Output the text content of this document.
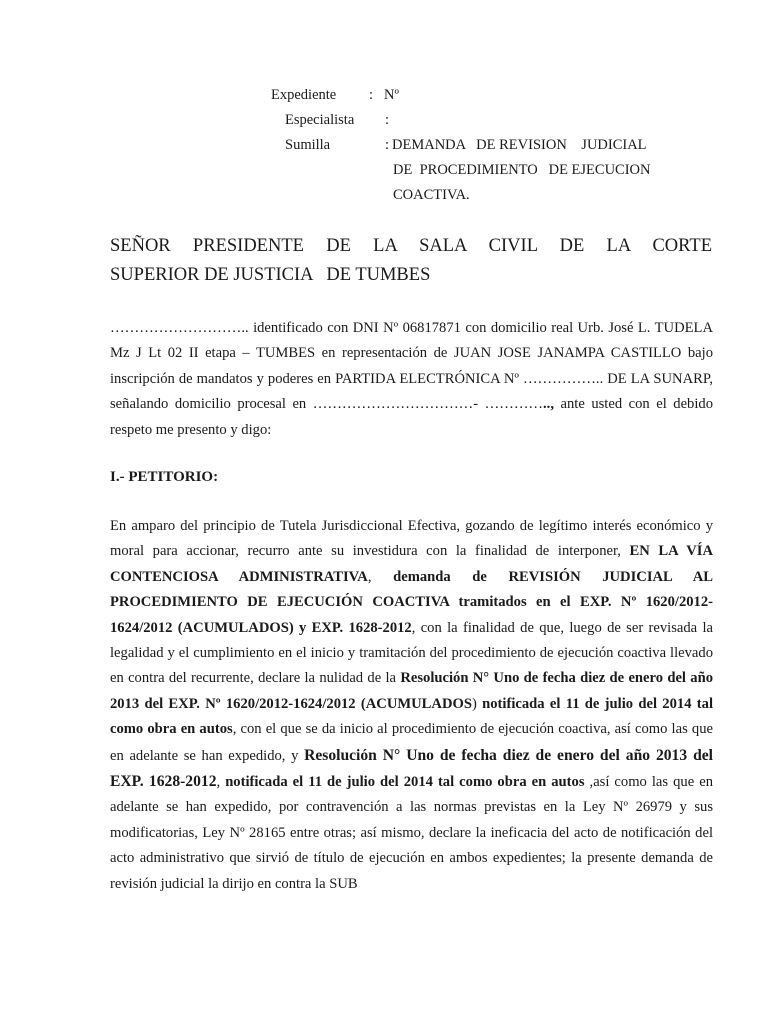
Expediente : Nº
Especialista :
Sumilla	: DEMANDA   DE REVISION    JUDICIAL
DE  PROCEDIMIENTO   DE EJECUCION
COACTIVA.
SEÑOR PRESIDENTE DE LA SALA CIVIL DE LA CORTE
SUPERIOR DE JUSTICIA   DE TUMBES
……………………….. identificado con DNI Nº 06817871 con domicilio real Urb. José L. TUDELA Mz J Lt 02 II etapa – TUMBES en representación de JUAN JOSE JANAMPA CASTILLO bajo inscripción de mandatos y poderes en PARTIDA ELECTRÓNICA Nº …………….. DE LA SUNARP, señalando domicilio procesal en ……………………………- ………….., ante usted con el debido respeto me presento y digo:
I.- PETITORIO:
En amparo del principio de Tutela Jurisdiccional Efectiva, gozando de legítimo interés económico y moral para accionar, recurro ante su investidura con la finalidad de interponer, EN LA VÍA CONTENCIOSA ADMINISTRATIVA, demanda de REVISIÓN JUDICIAL AL PROCEDIMIENTO DE EJECUCIÓN COACTIVA tramitados en el EXP. Nº 1620/2012-1624/2012 (ACUMULADOS) y EXP. 1628-2012, con la finalidad de que, luego de ser revisada la legalidad y el cumplimiento en el inicio y tramitación del procedimiento de ejecución coactiva llevado en contra del recurrente, declare la nulidad de la Resolución N° Uno de fecha diez de enero del año 2013 del EXP. Nº 1620/2012-1624/2012 (ACUMULADOS) notificada el 11 de julio del 2014 tal como obra en autos, con el que se da inicio al procedimiento de ejecución coactiva, así como las que en adelante se han expedido, y Resolución N° Uno de fecha diez de enero del año 2013 del EXP. 1628-2012, notificada el 11 de julio del 2014 tal como obra en autos ,así como las que en adelante se han expedido, por contravención a las normas previstas en la Ley Nº 26979 y sus modificatorias, Ley Nº 28165 entre otras; así mismo, declare la ineficacia del acto de notificación del acto administrativo que sirvió de título de ejecución en ambos expedientes; la presente demanda de revisión judicial la dirijo en contra la SUB
